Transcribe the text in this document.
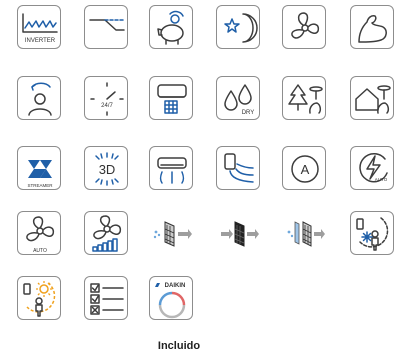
INVERTER
24/7
DRY
STREAMER
3D	A
AUTO
AUTO
DAIKIN
Incluido
